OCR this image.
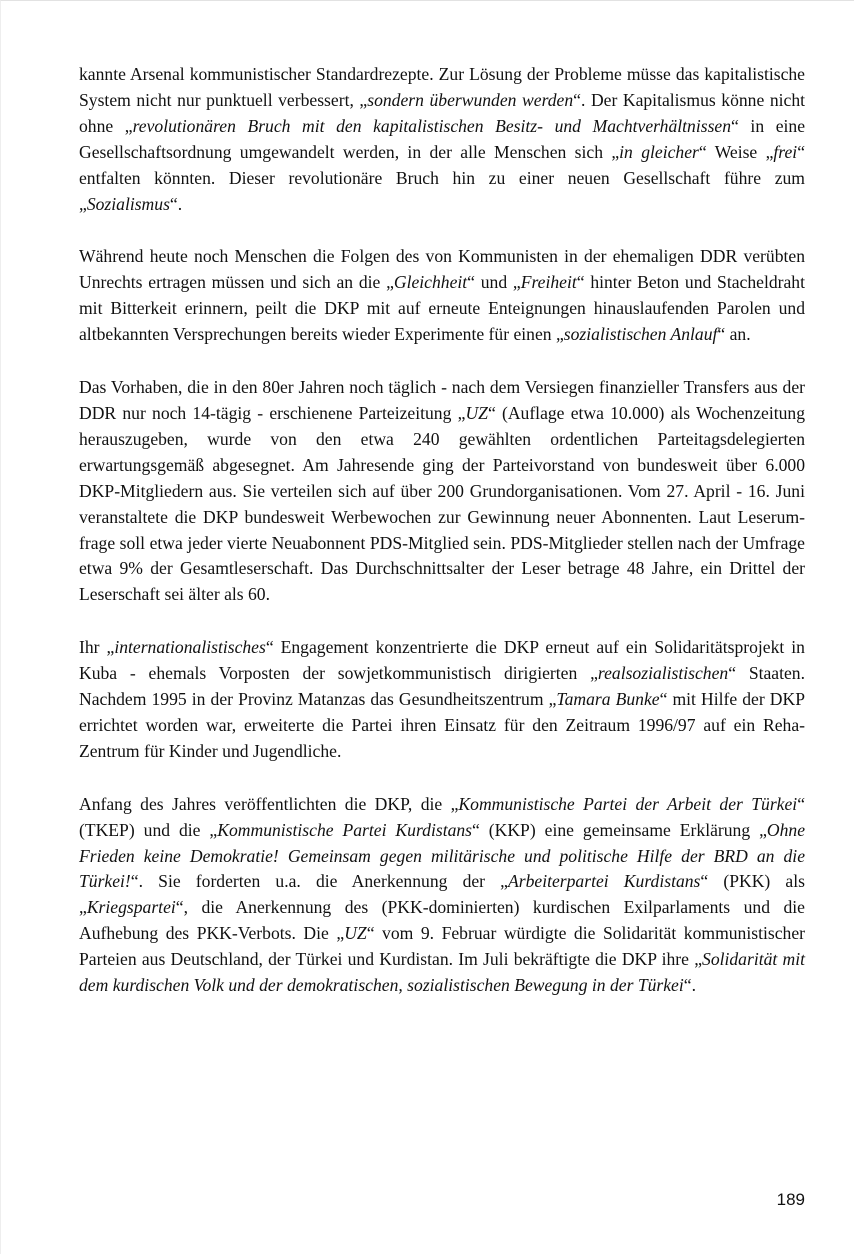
kannte Arsenal kommunistischer Standardrezepte. Zur Lösung der Probleme müsse das kapitalistische System nicht nur punktuell verbessert, „sondern überwunden werden“. Der Kapitalismus könne nicht ohne „revolutionären Bruch mit den kapitalistischen Besitz- und Machtverhältnissen“ in eine Gesellschaftsordnung umgewandelt werden, in der alle Menschen sich „in gleicher“ Weise „frei“ entfalten könnten. Dieser revolutionäre Bruch hin zu einer neuen Gesellschaft führe zum „Sozialismus“.

Während heute noch Menschen die Folgen des von Kommunisten in der ehemaligen DDR verübten Unrechts ertragen müssen und sich an die „Gleichheit“ und „Freiheit“ hinter Beton und Stacheldraht mit Bitterkeit erinnern, peilt die DKP mit auf erneute Enteignungen hinauslaufenden Parolen und altbekannten Versprechungen bereits wieder Experimente für einen „sozialistischen Anlauf“ an.

Das Vorhaben, die in den 80er Jahren noch täglich - nach dem Versiegen finanzieller Transfers aus der DDR nur noch 14-tägig - erschienene Parteizeitung „UZ“ (Auflage etwa 10.000) als Wochenzeitung herauszugeben, wurde von den etwa 240 gewählten ordentlichen Parteitagsdelegierten erwartungsgemäß abgesegnet. Am Jahresende ging der Parteivorstand von bundesweit über 6.000 DKP-Mitgliedern aus. Sie verteilen sich auf über 200 Grundorganisationen. Vom 27. April - 16. Juni veranstaltete die DKP bundesweit Werbewochen zur Gewinnung neuer Abonnenten. Laut Leserumfrage soll etwa jeder vierte Neuabonnent PDS-Mitglied sein. PDS-Mitglieder stellen nach der Umfrage etwa 9% der Gesamtleserschaft. Das Durchschnittsalter der Leser betrage 48 Jahre, ein Drittel der Leserschaft sei älter als 60.

Ihr „internationalistisches“ Engagement konzentrierte die DKP erneut auf ein Solidaritätsprojekt in Kuba - ehemals Vorposten der sowjetkommunistisch dirigierten „realsozialistischen“ Staaten. Nachdem 1995 in der Provinz Matanzas das Gesundheitszentrum „Tamara Bunke“ mit Hilfe der DKP errichtet worden war, erweiterte die Partei ihren Einsatz für den Zeitraum 1996/97 auf ein Reha-Zentrum für Kinder und Jugendliche.

Anfang des Jahres veröffentlichten die DKP, die „Kommunistische Partei der Arbeit der Türkei“ (TKEP) und die „Kommunistische Partei Kurdistans“ (KKP) eine gemeinsame Erklärung „Ohne Frieden keine Demokratie! Gemeinsam gegen militärische und politische Hilfe der BRD an die Türkei!“. Sie forderten u.a. die Anerkennung der „Arbeiterpartei Kurdistans“ (PKK) als „Kriegspartei“, die Anerkennung des (PKK-dominierten) kurdischen Exilparlaments und die Aufhebung des PKK-Verbots. Die „UZ“ vom 9. Februar würdigte die Solidarität kommunistischer Parteien aus Deutschland, der Türkei und Kurdistan. Im Juli bekräftigte die DKP ihre „Solidarität mit dem kurdischen Volk und der demokratischen, sozialistischen Bewegung in der Türkei“.

189
